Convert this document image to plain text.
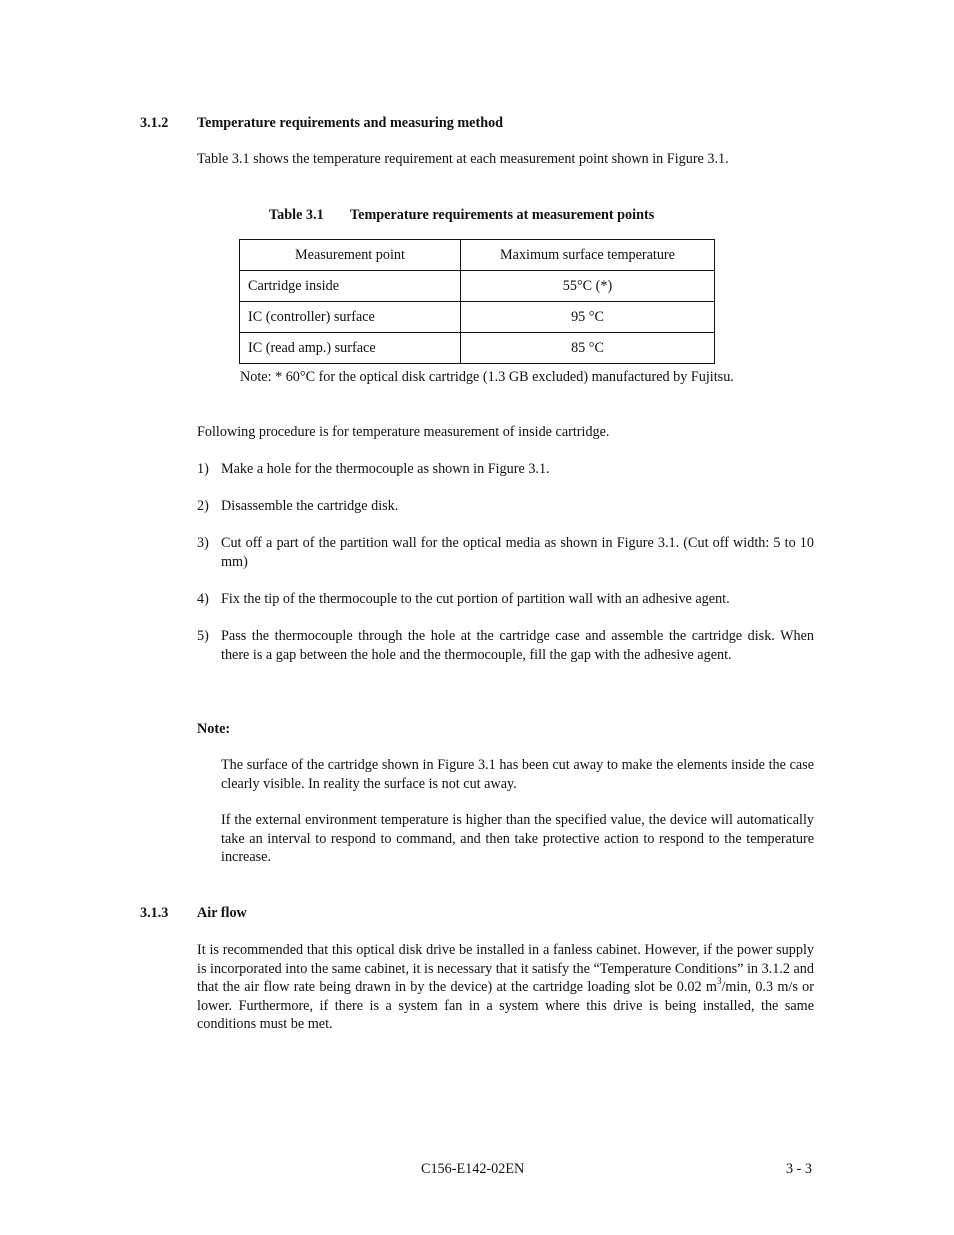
3.1.2 Temperature requirements and measuring method
Table 3.1 shows the temperature requirement at each measurement point shown in Figure 3.1.
Table 3.1 Temperature requirements at measurement points
Measurement point	Maximum surface temperature
Cartridge inside	55°C (*)
IC (controller) surface	95 °C
IC (read amp.) surface	85 °C
Note: * 60°C for the optical disk cartridge (1.3 GB excluded) manufactured by Fujitsu.
Following procedure is for temperature measurement of inside cartridge.
1) Make a hole for the thermocouple as shown in Figure 3.1.
2) Disassemble the cartridge disk.
3) Cut off a part of the partition wall for the optical media as shown in Figure 3.1. (Cut off width: 5 to 10 mm)
4) Fix the tip of the thermocouple to the cut portion of partition wall with an adhesive agent.
5) Pass the thermocouple through the hole at the cartridge case and assemble the cartridge disk. When there is a gap between the hole and the thermocouple, fill the gap with the adhesive agent.
Note:
The surface of the cartridge shown in Figure 3.1 has been cut away to make the elements inside the case clearly visible. In reality the surface is not cut away.
If the external environment temperature is higher than the specified value, the device will automatically take an interval to respond to command, and then take protective action to respond to the temperature increase.
3.1.3 Air flow
It is recommended that this optical disk drive be installed in a fanless cabinet. However, if the power supply is incorporated into the same cabinet, it is necessary that it satisfy the “Temperature Conditions” in 3.1.2 and that the air flow rate being drawn in by the device) at the cartridge loading slot be 0.02 $m^3/\min$, 0.3 m/s or lower. Furthermore, if there is a system fan in a system where this drive is being installed, the same conditions must be met.
C156-E142-02EN	3 - 3
